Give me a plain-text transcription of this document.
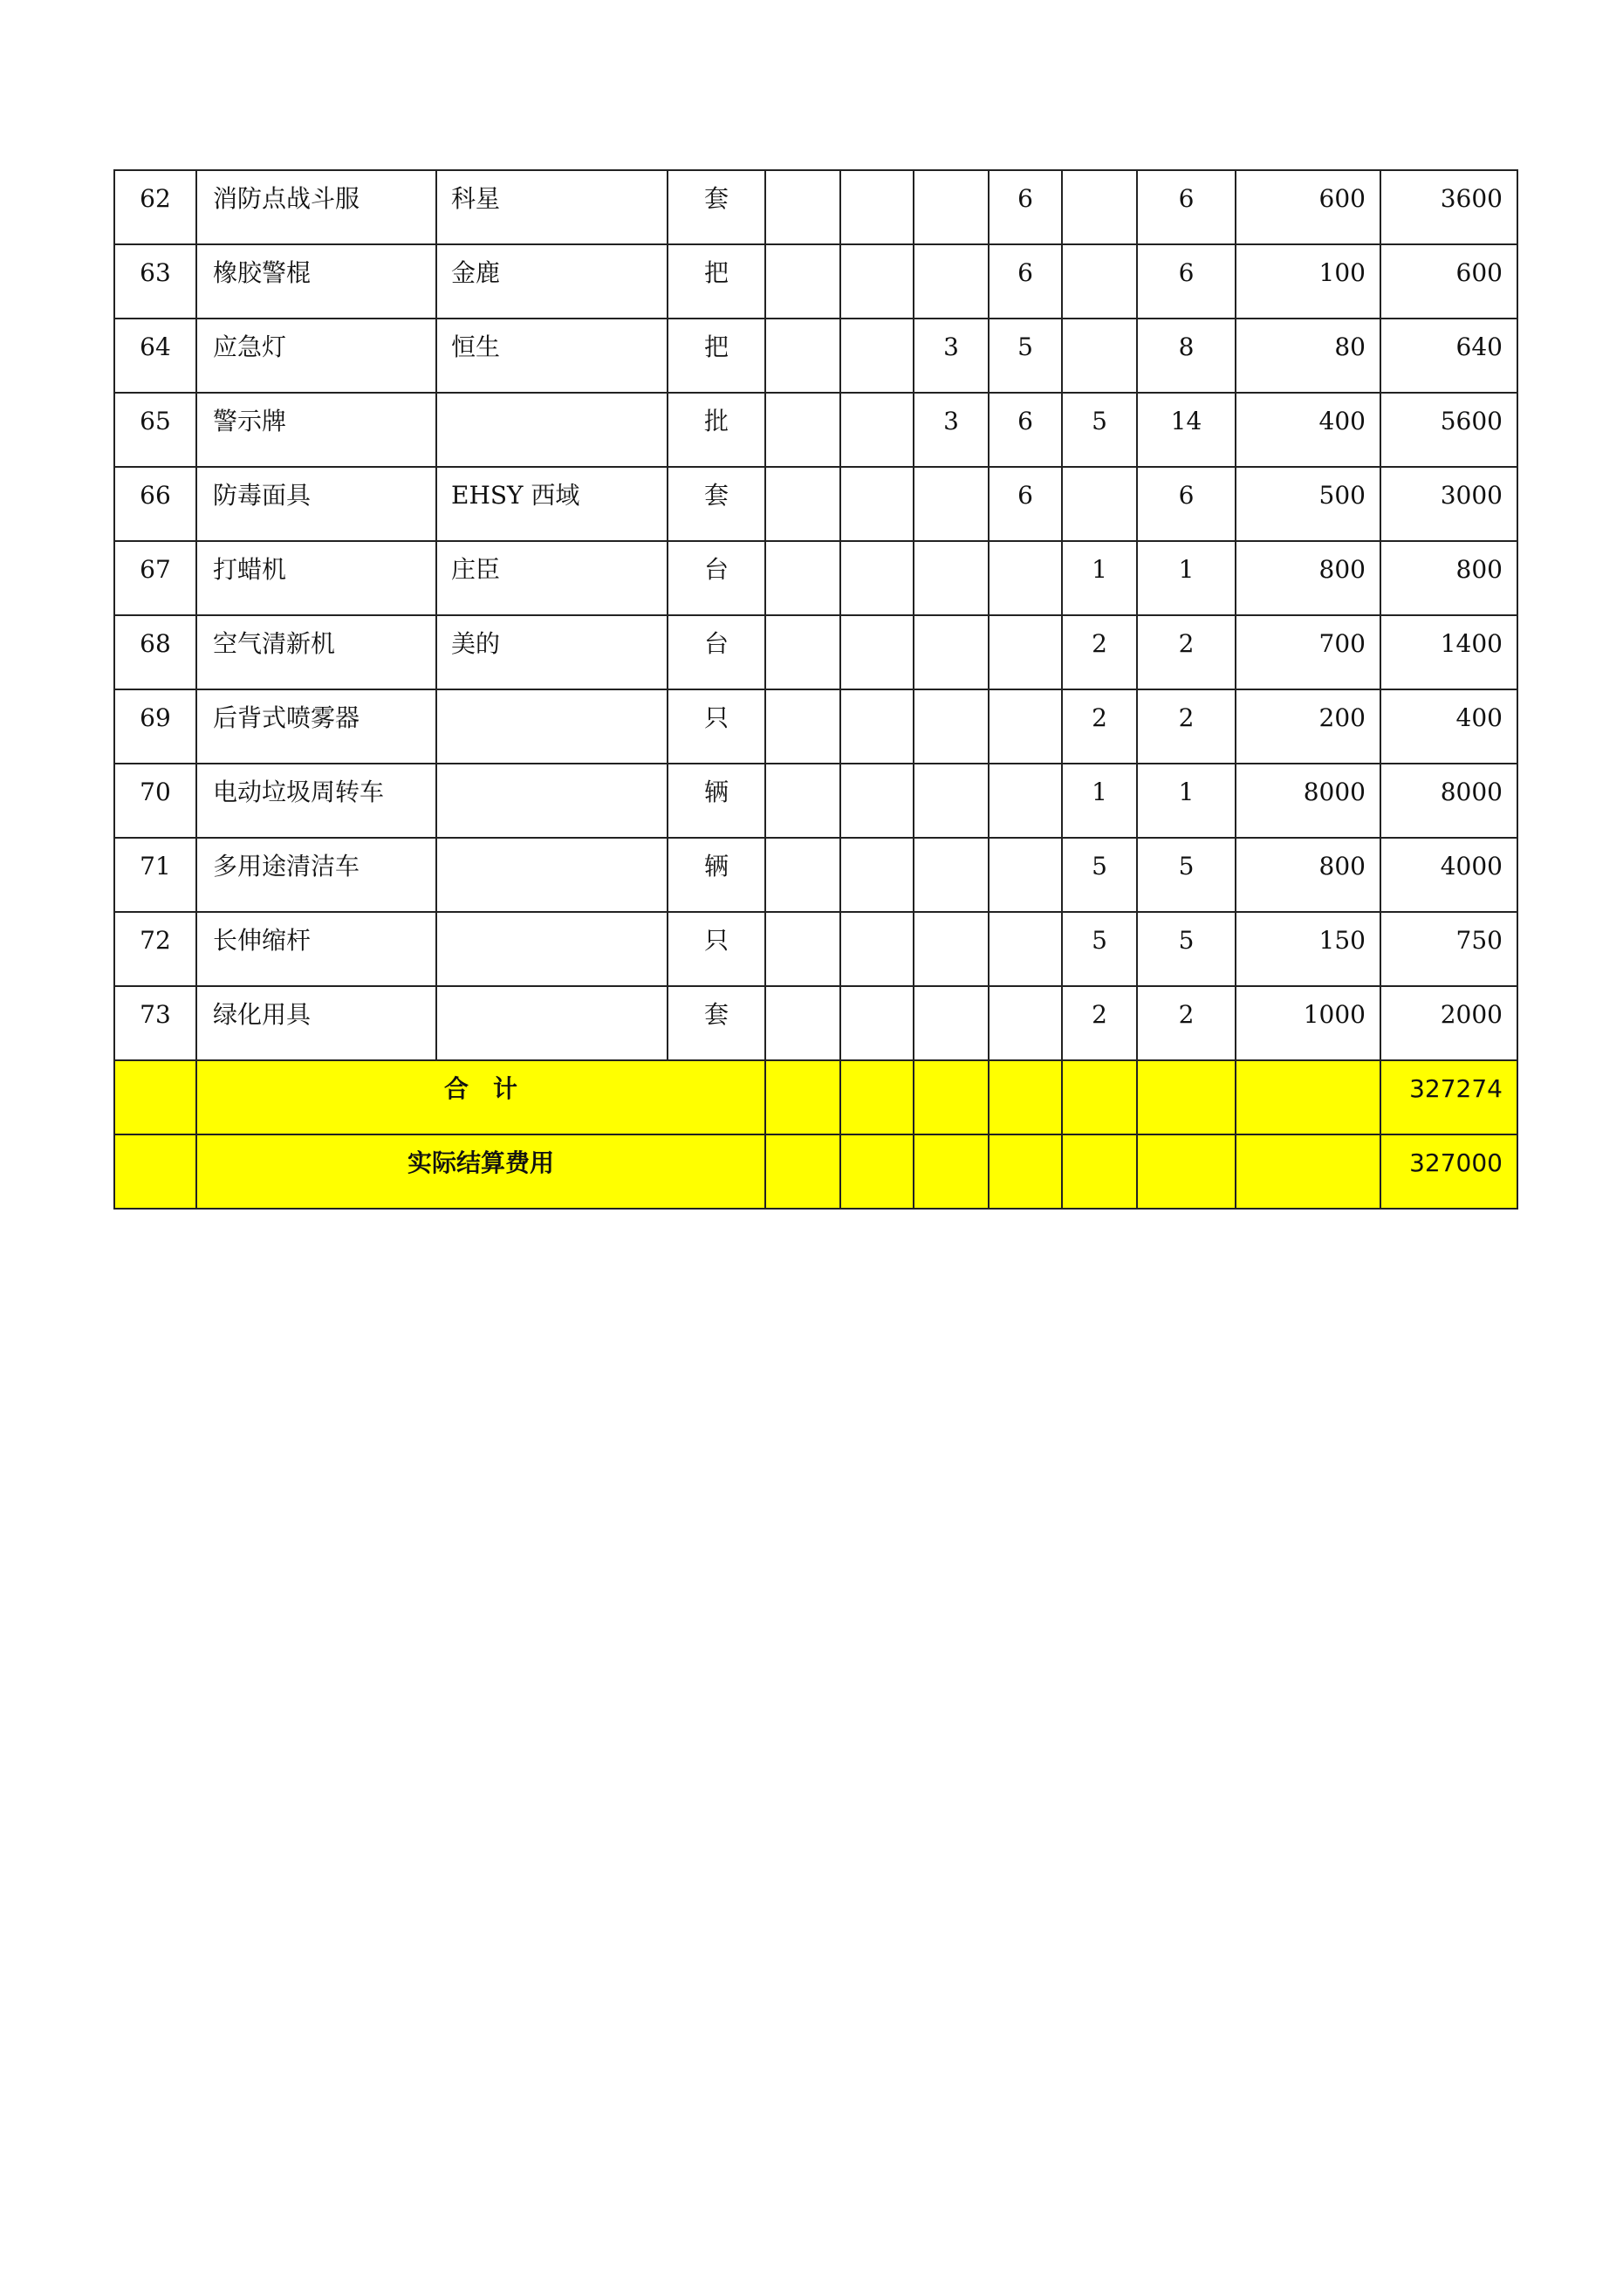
62	消防点战斗服	科星	套				6		6	600	3600

63	橡胶警棍	金鹿	把				6		6	100	600

64	应急灯	恒生	把			3	5		8	80	640

65	警示牌		批			3	6	5	14	400	5600

66	防毒面具	EHSY 西域	套				6		6	500	3000

67	打蜡机	庄臣	台					1	1	800	800

68	空气清新机	美的	台					2	2	700	1400

69	后背式喷雾器		只					2	2	200	400

70	电动垃圾周转车		辆					1	1	8000	8000

71	多用途清洁车		辆					5	5	800	4000

72	长伸缩杆		只					5	5	150	750

73	绿化用具		套					2	2	1000	2000

	合　计										327274

	实际结算费用										327000
